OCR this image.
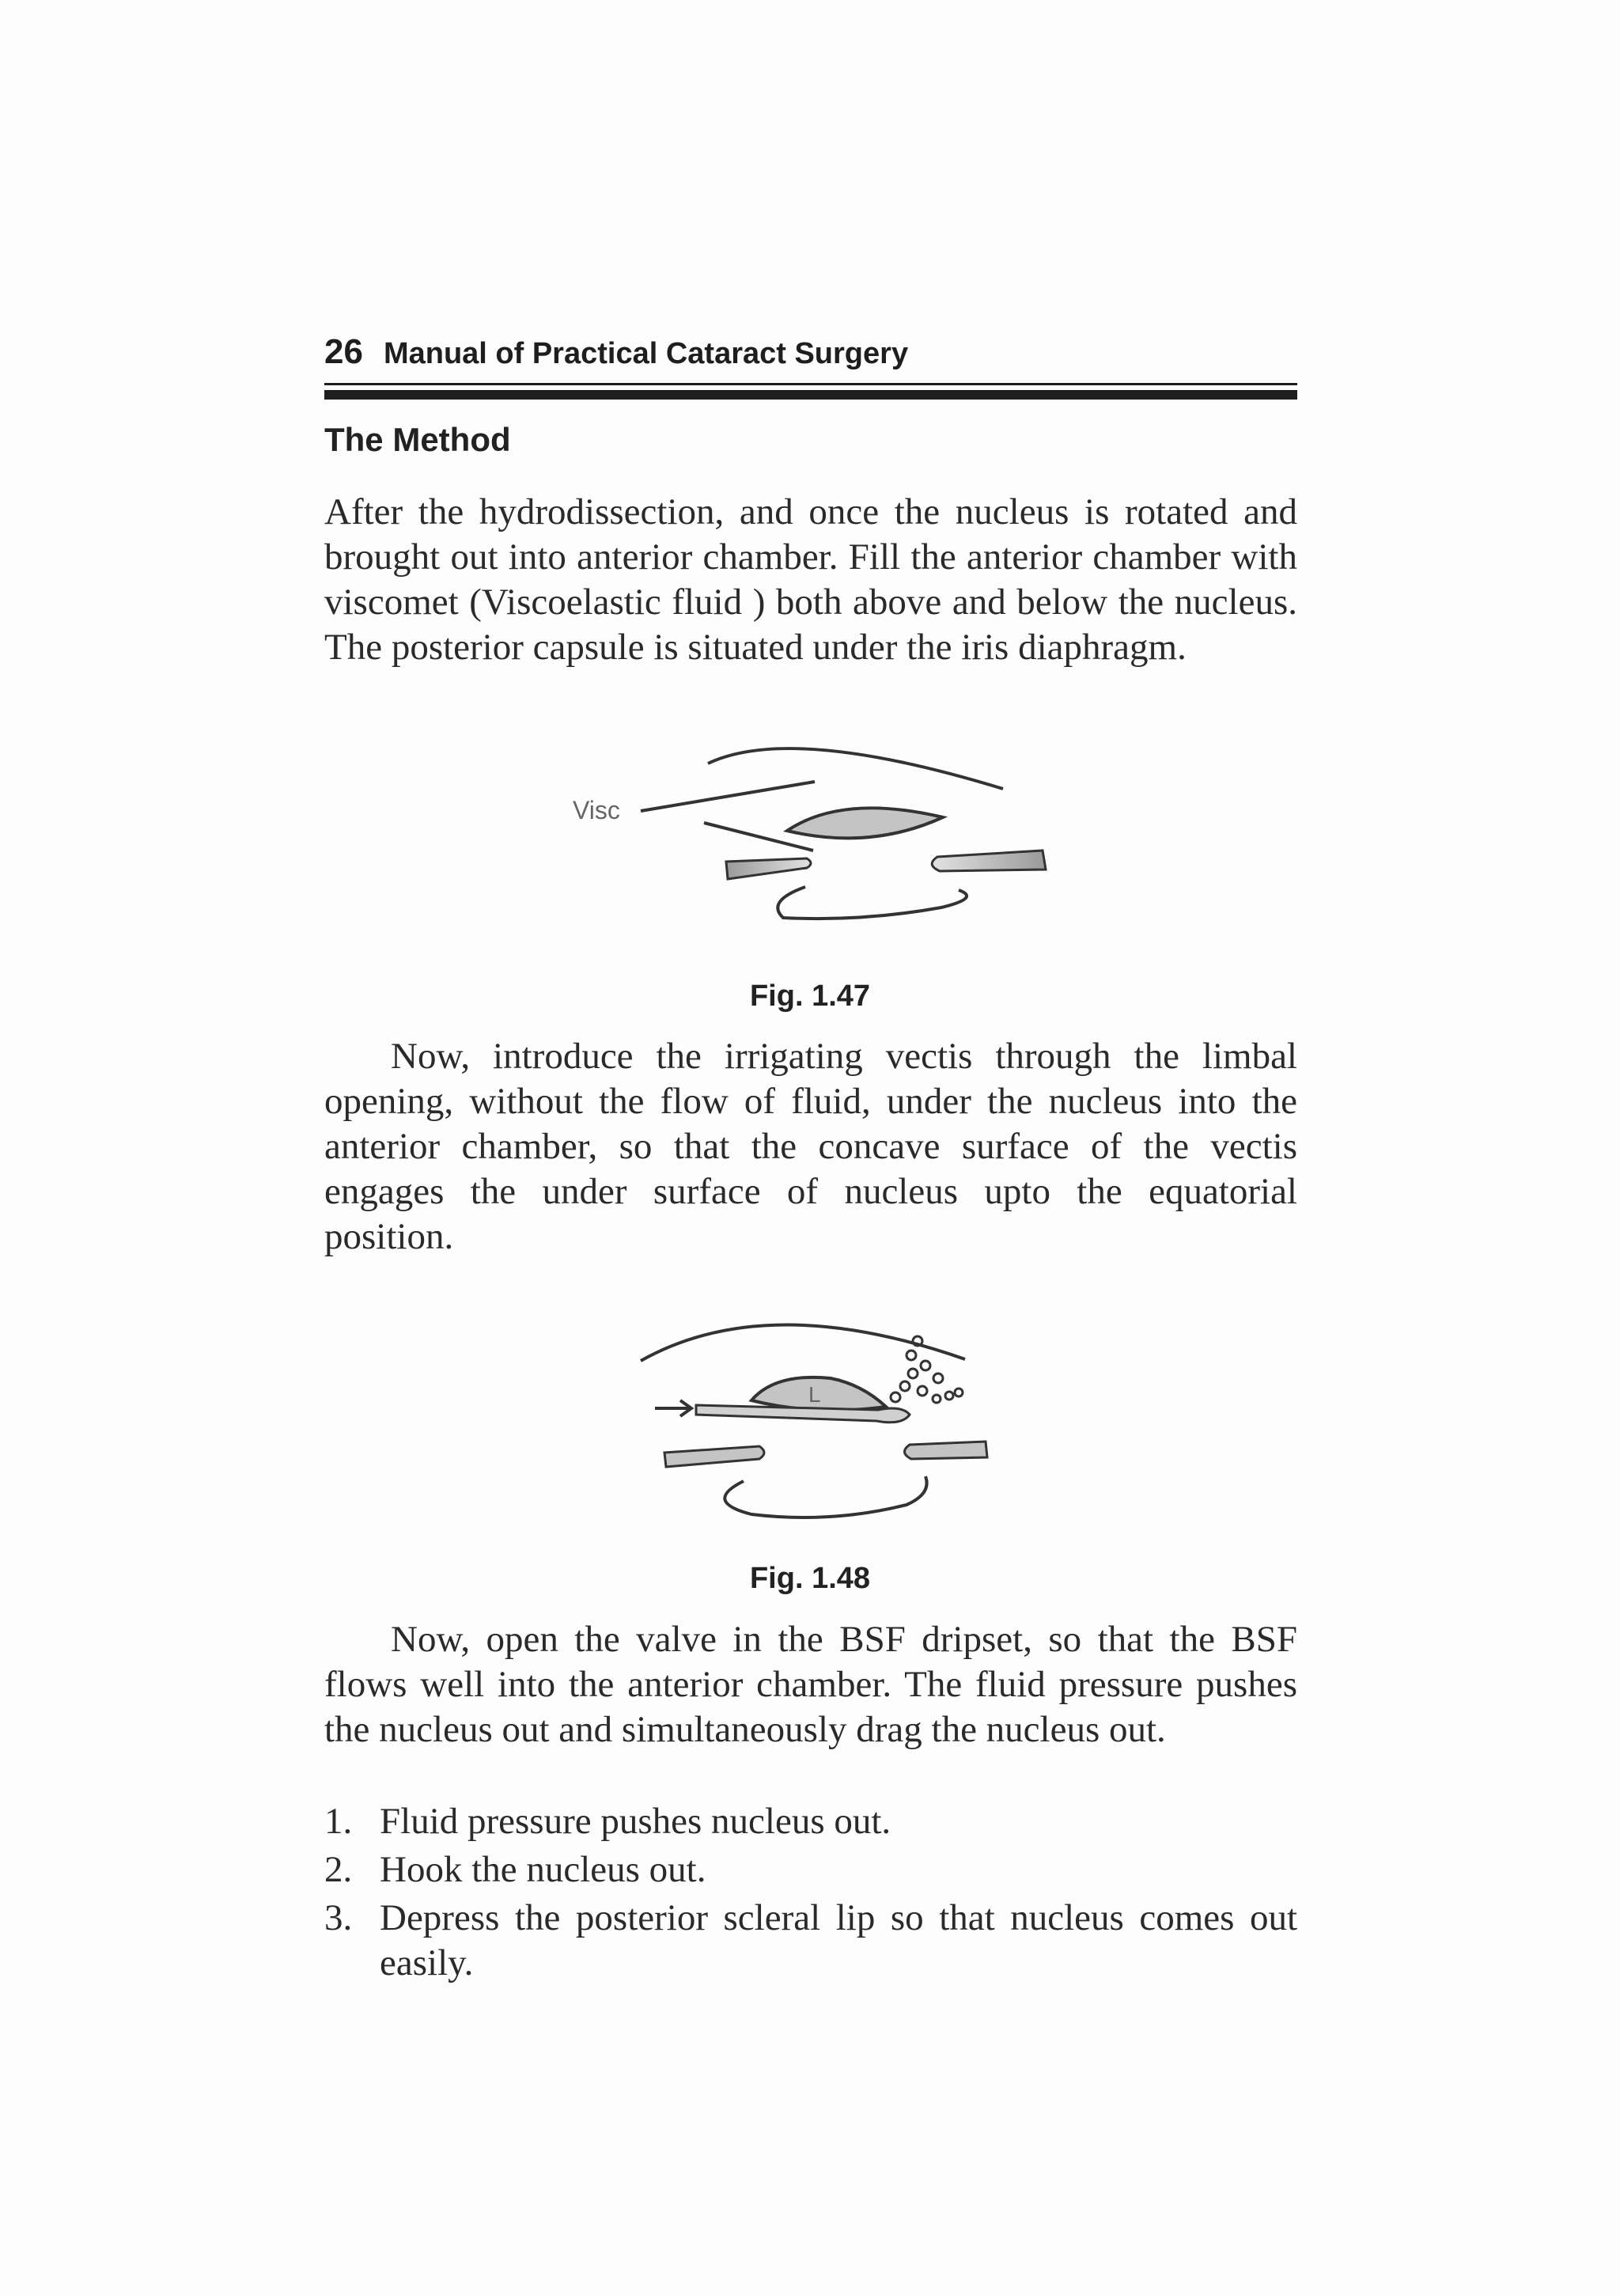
26 Manual of Practical Cataract Surgery
The Method

After the hydrodissection, and once the nucleus is rotated and brought out into anterior chamber. Fill the anterior chamber with viscomet (Viscoelastic fluid ) both above and below the nucleus. The posterior capsule is situated under the iris diaphragm.

Visc
Fig. 1.47

Now, introduce the irrigating vectis through the limbal opening, without the flow of fluid, under the nucleus into the anterior chamber, so that the concave surface of the vectis engages the under surface of nucleus upto the equatorial position.

L
Fig. 1.48

Now, open the valve in the BSF dripset, so that the BSF flows well into the anterior chamber. The fluid pressure pushes the nucleus out and simultaneously drag the nucleus out.

1. Fluid pressure pushes nucleus out.
2. Hook the nucleus out.
3. Depress the posterior scleral lip so that nucleus comes out easily.
